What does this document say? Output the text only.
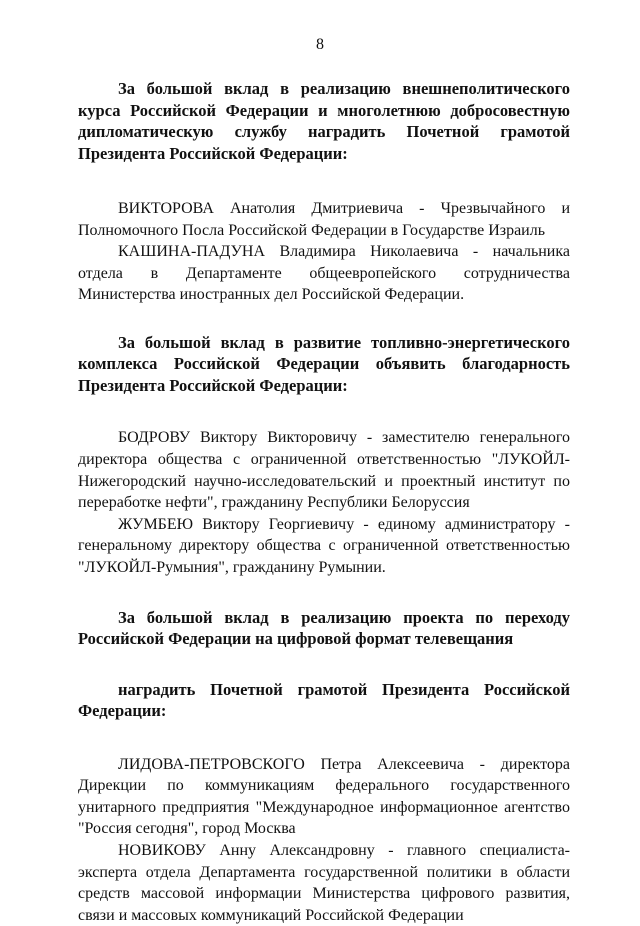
8

За большой вклад в реализацию внешнеполитического курса Российской Федерации и многолетнюю добросовестную дипломатическую службу наградить Почетной грамотой Президента Российской Федерации:

ВИКТОРОВА Анатолия Дмитриевича - Чрезвычайного и Полномочного Посла Российской Федерации в Государстве Израиль

КАШИНА-ПАДУНА Владимира Николаевича - начальника отдела в Департаменте общеевропейского сотрудничества Министерства иностранных дел Российской Федерации.

За большой вклад в развитие топливно-энергетического комплекса Российской Федерации объявить благодарность Президента Российской Федерации:

БОДРОВУ Виктору Викторовичу - заместителю генерального директора общества с ограниченной ответственностью "ЛУКОЙЛ-Нижегородский научно-исследовательский и проектный институт по переработке нефти", гражданину Республики Белоруссия

ЖУМБЕЮ Виктору Георгиевичу - единому администратору - генеральному директору общества с ограниченной ответственностью "ЛУКОЙЛ-Румыния", гражданину Румынии.

За большой вклад в реализацию проекта по переходу Российской Федерации на цифровой формат телевещания

наградить Почетной грамотой Президента Российской Федерации:

ЛИДОВА-ПЕТРОВСКОГО Петра Алексеевича - директора Дирекции по коммуникациям федерального государственного унитарного предприятия "Международное информационное агентство "Россия сегодня", город Москва

НОВИКОВУ Анну Александровну - главного специалиста-эксперта отдела Департамента государственной политики в области средств массовой информации Министерства цифрового развития, связи и массовых коммуникаций Российской Федерации
